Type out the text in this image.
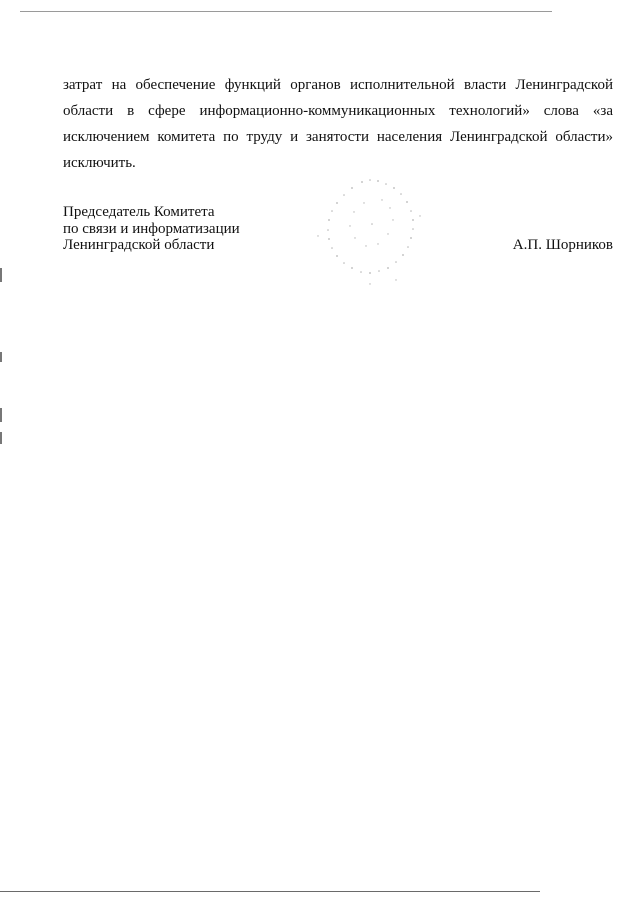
затрат на обеспечение функций органов исполнительной власти Ленинградской области в сфере информационно-коммуникационных технологий» слова «за исключением комитета по труду и занятости населения Ленинградской области» исключить.

Председатель Комитета
по связи и информатизации
Ленинградской области	А.П. Шорников
